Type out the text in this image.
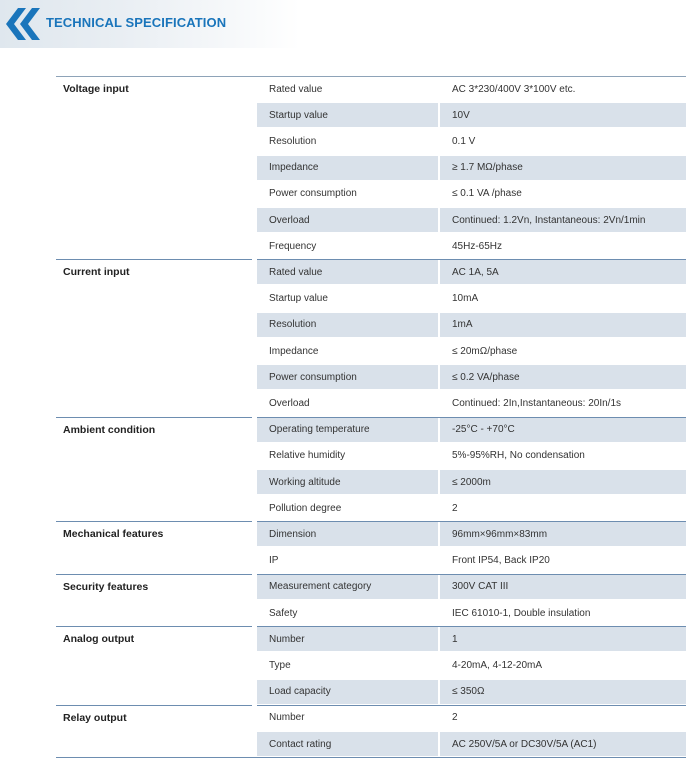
TECHNICAL SPECIFICATION
Voltage input	Rated value	AC 3*230/400V 3*100V etc.
Startup value	10V
Resolution	0.1 V
Impedance	≥ 1.7 MΩ/phase
Power consumption	≤ 0.1 VA /phase
Overload	Continued: 1.2Vn, Instantaneous: 2Vn/1min
Frequency	45Hz-65Hz
Current input	Rated value	AC 1A, 5A
Startup value	10mA
Resolution	1mA
Impedance	≤ 20mΩ/phase
Power consumption	≤ 0.2 VA/phase
Overload	Continued: 2In,Instantaneous: 20In/1s
Ambient condition	Operating temperature	-25°C - +70°C
Relative humidity	5%-95%RH, No condensation
Working altitude	≤ 2000m
Pollution degree	2
Mechanical features	Dimension	96mm×96mm×83mm
IP	Front IP54, Back IP20
Security features	Measurement category	300V CAT III
Safety	IEC 61010-1, Double insulation
Analog output	Number	1
Type	4-20mA, 4-12-20mA
Load capacity	≤ 350Ω
Relay output	Number	2
Contact rating	AC 250V/5A or DC30V/5A (AC1)
